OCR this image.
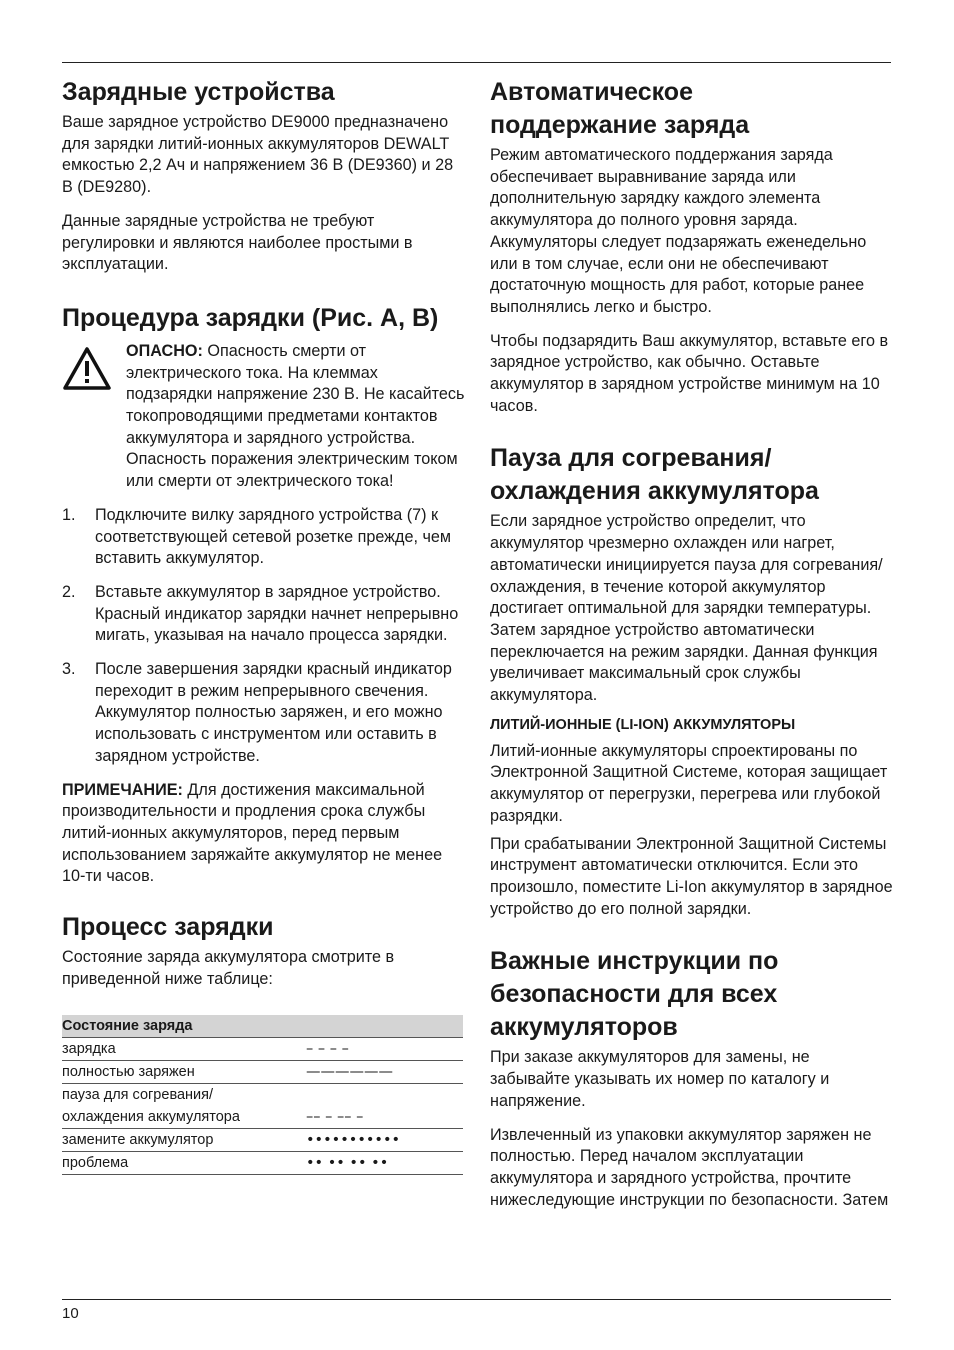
Зарядные устройства

Ваше зарядное устройство DE9000 предназначено для зарядки литий-ионных аккумуляторов DEWALT емкостью 2,2 Ач и напряжением 36 В (DE9360) и 28 В (DE9280).

Данные зарядные устройства не требуют регулировки и являются наиболее простыми в эксплуатации.

Процедура зарядки (Рис. A, B)

ОПАСНО: Опасность смерти от электрического тока. На клеммах подзарядки напряжение 230 В. Не касайтесь токопроводящими предметами контактов аккумулятора и зарядного устройства. Опасность поражения электрическим током или смерти от электрического тока!

1.	Подключите вилку зарядного устройства (7) к соответствующей сетевой розетке прежде, чем вставить аккумулятор.
2.	Вставьте аккумулятор в зарядное устройство. Красный индикатор зарядки начнет непрерывно мигать, указывая на начало процесса зарядки.
3.	После завершения зарядки красный индикатор переходит в режим непрерывного свечения. Аккумулятор полностью заряжен, и его можно использовать с инструментом или оставить в зарядном устройстве.

ПРИМЕЧАНИЕ: Для достижения максимальной производительности и продления срока службы литий-ионных аккумуляторов, перед первым использованием заряжайте аккумулятор не менее 10-ти часов.

Процесс зарядки

Состояние заряда аккумулятора смотрите в приведенной ниже таблице:

Состояние заряда	
зарядка	– – – –
полностью заряжен	——————
пауза для согревания/	
охлаждения аккумулятора	–– – –– –
замените аккумулятор	•••••••••••
проблема	•• •• •• ••
Автоматическое
поддержание заряда

Режим автоматического поддержания заряда обеспечивает выравнивание заряда или дополнительную зарядку каждого элемента аккумулятора до полного уровня заряда. Аккумуляторы следует подзаряжать еженедельно или в том случае, если они не обеспечивают достаточную мощность для работ, которые ранее выполнялись легко и быстро.

Чтобы подзарядить Ваш аккумулятор, вставьте его в зарядное устройство, как обычно. Оставьте аккумулятор в зарядном устройстве минимум на 10 часов.

Пауза для согревания/
охлаждения аккумулятора

Если зарядное устройство определит, что аккумулятор чрезмерно охлажден или нагрет, автоматически инициируется пауза для согревания/охлаждения, в течение которой аккумулятор достигает оптимальной для зарядки температуры. Затем зарядное устройство автоматически переключается на режим зарядки. Данная функция увеличивает максимальный срок службы аккумулятора.

ЛИТИЙ-ИОННЫЕ (LI-ION) АККУМУЛЯТОРЫ

Литий-ионные аккумуляторы спроектированы по Электронной Защитной Системе, которая защищает аккумулятор от перегрузки, перегрева или глубокой разрядки.

При срабатывании Электронной Защитной Системы инструмент автоматически отключится. Если это произошло, поместите Li-Ion аккумулятор в зарядное устройство до его полной зарядки.

Важные инструкции по
безопасности для всех
аккумуляторов

При заказе аккумуляторов для замены, не забывайте указывать их номер по каталогу и напряжение.

Извлеченный из упаковки аккумулятор заряжен не полностью. Перед началом эксплуатации аккумулятора и зарядного устройства, прочтите нижеследующие инструкции по безопасности. Затем

10
